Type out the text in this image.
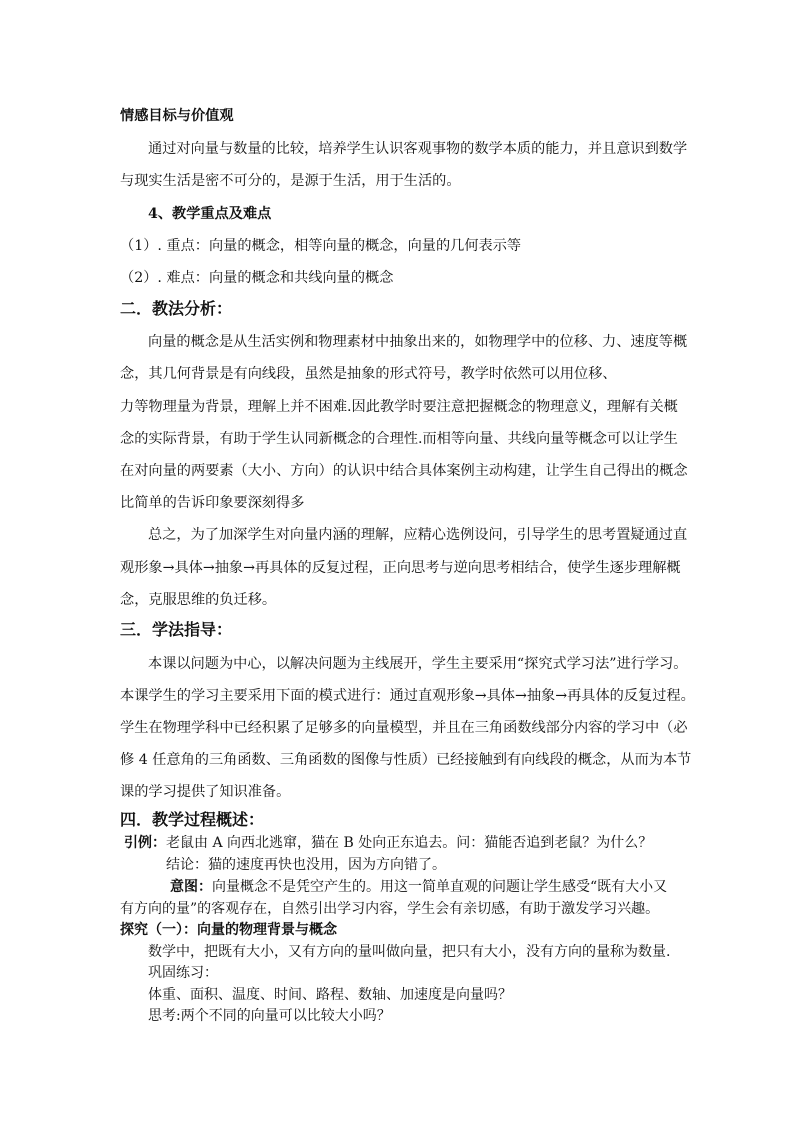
情感目标与价值观
通过对向量与数量的比较，培养学生认识客观事物的数学本质的能力，并且意识到数学
与现实生活是密不可分的，是源于生活，用于生活的。
4、教学重点及难点
（1）. 重点：向量的概念，相等向量的概念，向量的几何表示等
（2）. 难点：向量的概念和共线向量的概念
二．教法分析：
向量的概念是从生活实例和物理素材中抽象出来的，如物理学中的位移、力、速度等概
念，其几何背景是有向线段，虽然是抽象的形式符号，教学时依然可以用位移、
力等物理量为背景，理解上并不困难.因此教学时要注意把握概念的物理意义，理解有关概
念的实际背景，有助于学生认同新概念的合理性.而相等向量、共线向量等概念可以让学生
在对向量的两要素（大小、方向）的认识中结合具体案例主动构建，让学生自己得出的概念
比简单的告诉印象要深刻得多
总之，为了加深学生对向量内涵的理解，应精心选例设问，引导学生的思考置疑通过直
观形象→具体→抽象→再具体的反复过程，正向思考与逆向思考相结合，使学生逐步理解概
念，克服思维的负迁移。
三．学法指导：
本课以问题为中心，以解决问题为主线展开，学生主要采用“探究式学习法”进行学习。
本课学生的学习主要采用下面的模式进行：通过直观形象→具体→抽象→再具体的反复过程。
学生在物理学科中已经积累了足够多的向量模型，并且在三角函数线部分内容的学习中（必
修 4 任意角的三角函数、三角函数的图像与性质）已经接触到有向线段的概念，从而为本节
课的学习提供了知识准备。
四．教学过程概述：
引例：老鼠由 A 向西北逃窜，猫在 B 处向正东追去。问：猫能否追到老鼠？为什么？
结论：猫的速度再快也没用，因为方向错了。
意图：向量概念不是凭空产生的。用这一简单直观的问题让学生感受“既有大小又
有方向的量”的客观存在，自然引出学习内容，学生会有亲切感，有助于激发学习兴趣。
探究（一）：向量的物理背景与概念
数学中，把既有大小，又有方向的量叫做向量，把只有大小，没有方向的量称为数量.
巩固练习：
体重、面积、温度、时间、路程、数轴、加速度是向量吗？
思考:两个不同的向量可以比较大小吗？
